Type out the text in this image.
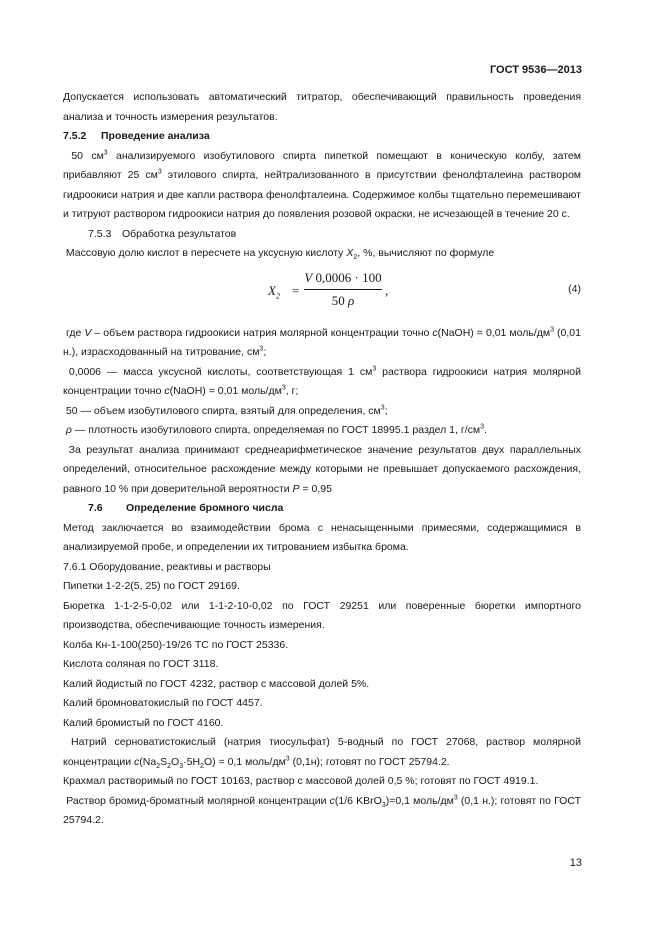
ГОСТ 9536—2013

Допускается использовать автоматический титратор, обеспечивающий правильность проведения анализа и точность измерения результатов.

7.5.2 Проведение анализа

50 $см^3$ анализируемого изобутилового спирта пипеткой помещают в коническую колбу, затем прибавляют 25 $см^3$ этилового спирта, нейтрализованного в присутствии фенолфталеина раствором гидроокиси натрия и две капли раствора фенолфталеина. Содержимое колбы тщательно перемешивают и титруют раствором гидроокиси натрия до появления розовой окраски, не исчезающей в течение 20 с.

7.5.3 Обработка результатов

Массовую долю кислот в пересчете на уксусную кислоту $X_2$, %, вычисляют по формуле

$X_2$ =
V 0,0006 · 100
50 ρ
,	(4)

где V – объем раствора гидроокиси натрия молярной концентрации точно c(NaOH) = 0,01 моль/$дм^3$ (0,01 н.), израсходованный на титрование, $см^3$;

0,0006 — масса уксусной кислоты, соответствующая 1 $см^3$ раствора гидроокиси натрия молярной концентрации точно c(NaOH) = 0,01 моль/$дм^3$, г;

50 — объем изобутилового спирта, взятый для определения, $см^3$;

ρ — плотность изобутилового спирта, определяемая по ГОСТ 18995.1 раздел 1, $г/см^3$.

За результат анализа принимают среднеарифметическое значение результатов двух параллельных определений, относительное расхождение между которыми не превышает допускаемого расхождения, равного 10 % при доверительной вероятности P = 0,95

7.6 Определение бромного числа

Метод заключается во взаимодействии брома с ненасыщенными примесями, содержащимися в анализируемой пробе, и определении их титрованием избытка брома.

7.6.1 Оборудование, реактивы и растворы

Пипетки 1-2-2(5, 25) по ГОСТ 29169.

Бюретка 1-1-2-5-0,02 или 1-1-2-10-0,02 по ГОСТ 29251 или поверенные бюретки импортного производства, обеспечивающие точность измерения.

Колба Кн-1-100(250)-19/26 ТС по ГОСТ 25336.

Кислота соляная по ГОСТ 3118.

Калий йодистый по ГОСТ 4232, раствор с массовой долей 5%.

Калий бромноватокислый по ГОСТ 4457.

Калий бромистый по ГОСТ 4160.

Натрий серноватистокислый (натрия тиосульфат) 5-водный по ГОСТ 27068, раствор молярной концентрации $c(Na_2S_2O_3\cdot 5H_2O) = 0,1$ моль/$дм^3$ (0,1н); готовят по ГОСТ 25794.2.

Крахмал растворимый по ГОСТ 10163, раствор с массовой долей 0,5 %; готовят по ГОСТ 4919.1.

Раствор бромид-броматный молярной концентрации c(1/6 KBrO$_3$)=0,1 моль/$дм^3$ (0,1 н.); готовят по ГОСТ 25794.2.

13
